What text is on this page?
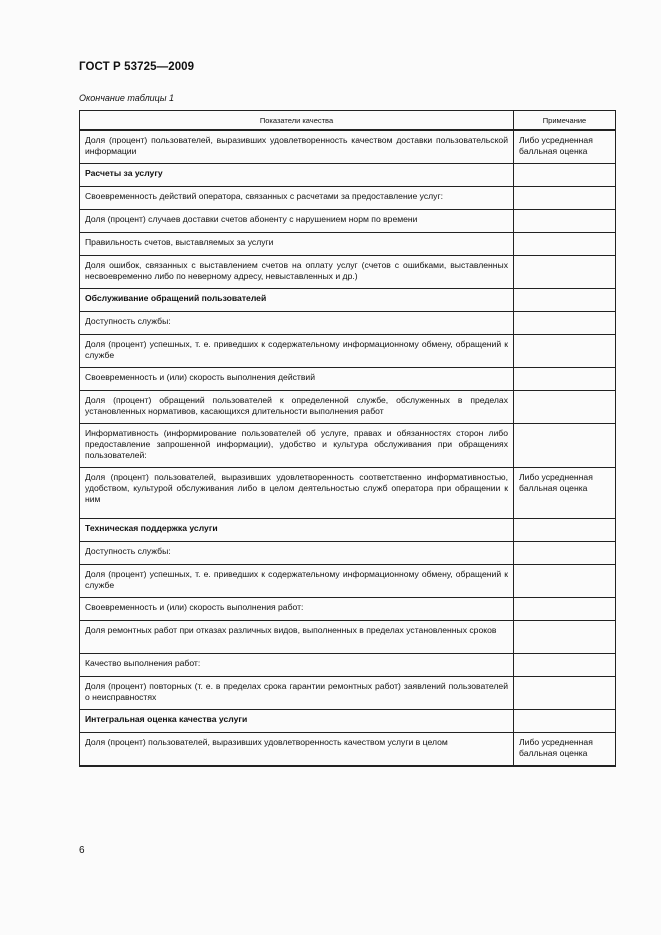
ГОСТ Р 53725—2009
Окончание таблицы 1
Показатели качества	Примечание
Доля (процент) пользователей, выразивших удовлетворенность качеством доставки пользовательской информации	Либо усредненная балльная оценка
Расчеты за услугу	
Своевременность действий оператора, связанных с расчетами за предоставление услуг:	
Доля (процент) случаев доставки счетов абоненту с нарушением норм по времени	
Правильность счетов, выставляемых за услуги	
Доля ошибок, связанных с выставлением счетов на оплату услуг (счетов с ошибками, выставленных несвоевременно либо по неверному адресу, невыставленных и др.)	
Обслуживание обращений пользователей	
Доступность службы:	
Доля (процент) успешных, т. е. приведших к содержательному информационному обмену, обращений к службе	
Своевременность и (или) скорость выполнения действий	
Доля (процент) обращений пользователей к определенной службе, обслуженных в пределах установленных нормативов, касающихся длительности выполнения работ	
Информативность (информирование пользователей об услуге, правах и обязанностях сторон либо предоставление запрошенной информации), удобство и культура обслуживания при обращениях пользователей:	
Доля (процент) пользователей, выразивших удовлетворенность соответственно информативностью, удобством, культурой обслуживания либо в целом деятельностью служб оператора при обращении к ним	Либо усредненная балльная оценка
Техническая поддержка услуги	
Доступность службы:	
Доля (процент) успешных, т. е. приведших к содержательному информационному обмену, обращений к службе	
Своевременность и (или) скорость выполнения работ:	
Доля ремонтных работ при отказах различных видов, выполненных в пределах установленных сроков	
Качество выполнения работ:	
Доля (процент) повторных (т. е. в пределах срока гарантии ремонтных работ) заявлений пользователей о неисправностях	
Интегральная оценка качества услуги	
Доля (процент) пользователей, выразивших удовлетворенность качеством услуги в целом	Либо усредненная балльная оценка
6
